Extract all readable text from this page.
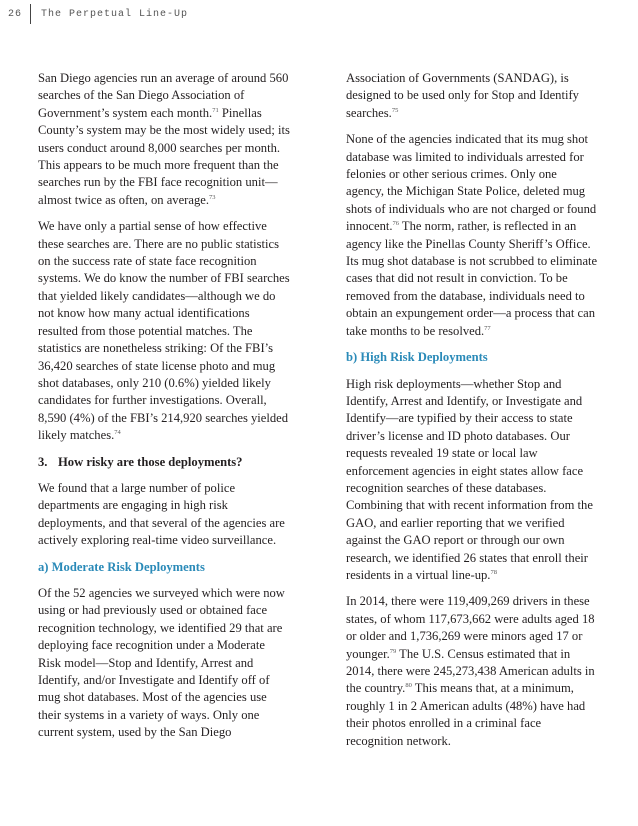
26	The Perpetual Line-Up

San Diego agencies run an average of around 560 searches of the San Diego Association of Government’s system each month.$^{71}$ Pinellas County’s system may be the most widely used; its users conduct around 8,000 searches per month. This appears to be much more frequent than the searches run by the FBI face recognition unit—almost twice as often, on average.$^{73}$

We have only a partial sense of how effective these searches are. There are no public statistics on the success rate of state face recognition systems. We do know the number of FBI searches that yielded likely candidates—although we do not know how many actual identifications resulted from those potential matches. The statistics are nonetheless striking: Of the FBI’s 36,420 searches of state license photo and mug shot databases, only 210 (0.6%) yielded likely candidates for further investigations. Overall, 8,590 (4%) of the FBI’s 214,920 searches yielded likely matches.$^{74}$

3. How risky are those deployments?

We found that a large number of police departments are engaging in high risk deployments, and that several of the agencies are actively exploring real-time video surveillance.

a) Moderate Risk Deployments

Of the 52 agencies we surveyed which were now using or had previously used or obtained face recognition technology, we identified 29 that are deploying face recognition under a Moderate Risk model—Stop and Identify, Arrest and Identify, and/or Investigate and Identify off of mug shot databases. Most of the agencies use their systems in a variety of ways. Only one current system, used by the San Diego

Association of Governments (SANDAG), is designed to be used only for Stop and Identify searches.$^{75}$

None of the agencies indicated that its mug shot database was limited to individuals arrested for felonies or other serious crimes. Only one agency, the Michigan State Police, deleted mug shots of individuals who are not charged or found innocent.$^{76}$ The norm, rather, is reflected in an agency like the Pinellas County Sheriff’s Office. Its mug shot database is not scrubbed to eliminate cases that did not result in conviction. To be removed from the database, individuals need to obtain an expungement order—a process that can take months to be resolved.$^{77}$

b) High Risk Deployments

High risk deployments—whether Stop and Identify, Arrest and Identify, or Investigate and Identify—are typified by their access to state driver’s license and ID photo databases. Our requests revealed 19 state or local law enforcement agencies in eight states allow face recognition searches of these databases. Combining that with recent information from the GAO, and earlier reporting that we verified against the GAO report or through our own research, we identified 26 states that enroll their residents in a virtual line-up.$^{78}$

In 2014, there were 119,409,269 drivers in these states, of whom 117,673,662 were adults aged 18 or older and 1,736,269 were minors aged 17 or younger.$^{79}$ The U.S. Census estimated that in 2014, there were 245,273,438 American adults in the country.$^{80}$ This means that, at a minimum, roughly 1 in 2 American adults (48%) have had their photos enrolled in a criminal face recognition network.
